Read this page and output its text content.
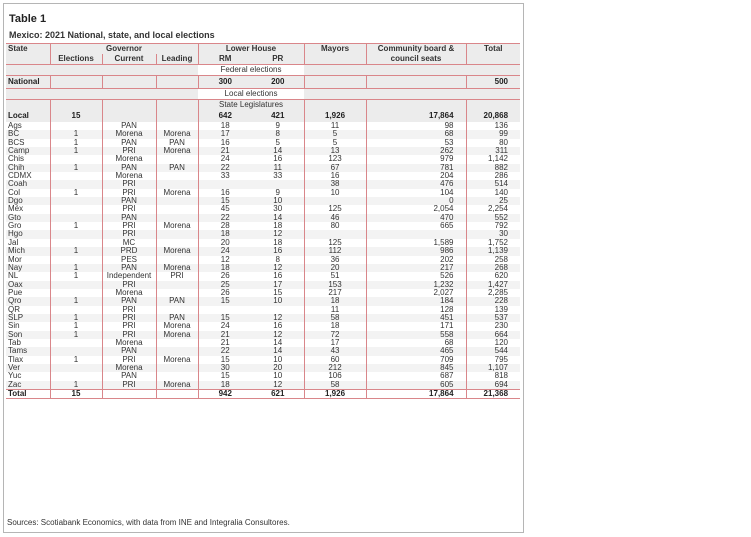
Table 1
Mexico: 2021 National, state, and local elections
State	Governor			Lower House		Mayors	Community board &	Total
	Elections	Current	Leading	RM	PR		council seats	
				Federal elections				
National				300	200			500
				Local elections				
				State Legislatures				
Local	15			642	421	1,926	17,864	20,868
Ags		PAN		18	9	11	98	136
BC	1	Morena	Morena	17	8	5	68	99
BCS	1	PAN	PAN	16	5	5	53	80
Camp	1	PRI	Morena	21	14	13	262	311
Chis		Morena		24	16	123	979	1,142
Chih	1	PAN	PAN	22	11	67	781	882
CDMX		Morena		33	33	16	204	286
Coah		PRI				38	476	514
Col	1	PRI	Morena	16	9	10	104	140
Dgo		PAN		15	10		0	25
Méx		PRI		45	30	125	2,054	2,254
Gto		PAN		22	14	46	470	552
Gro	1	PRI	Morena	28	18	80	665	792
Hgo		PRI		18	12			30
Jal		MC		20	18	125	1,589	1,752
Mich	1	PRD	Morena	24	16	112	986	1,139
Mor		PES		12	8	36	202	258
Nay	1	PAN	Morena	18	12	20	217	268
NL	1	Independent	PRI	26	16	51	526	620
Oax		PRI		25	17	153	1,232	1,427
Pue		Morena		26	15	217	2,027	2,285
Qro	1	PAN	PAN	15	10	18	184	228
QR		PRI				11	128	139
SLP	1	PRI	PAN	15	12	58	451	537
Sin	1	PRI	Morena	24	16	18	171	230
Son	1	PRI	Morena	21	12	72	558	664
Tab		Morena		21	14	17	68	120
Tams		PAN		22	14	43	465	544
Tlax	1	PRI	Morena	15	10	60	709	795
Ver		Morena		30	20	212	845	1,107
Yuc		PAN		15	10	106	687	818
Zac	1	PRI	Morena	18	12	58	605	694
Total	15			942	621	1,926	17,864	21,368
Sources: Scotiabank Economics, with data from INE and Integralia Consultores.
